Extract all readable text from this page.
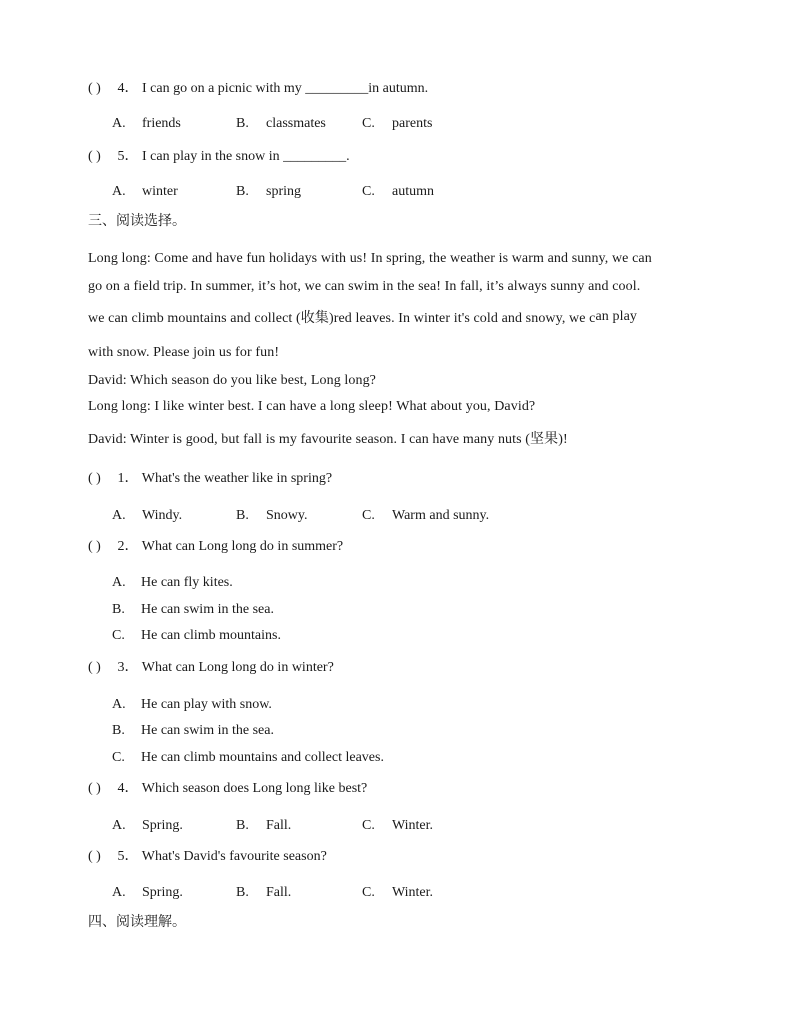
( ) 4． I can go on a picnic with my _________in autumn.
A. friends	B. classmates	C. parents
( ) 5． I can play in the snow in _________.
A. winter	B. spring	C. autumn
三、阅读选择。
Long long: Come and have fun holidays with us! In spring, the weather is warm and sunny, we can
go on a field trip. In summer, it’s hot, we can swim in the sea! In fall, it’s always sunny and cool.
we can climb mountains and collect (收集)red leaves. In winter it's cold and snowy, we can play
with snow. Please join us for fun!
David: Which season do you like best, Long long?
Long long: I like winter best. I can have a long sleep! What about you, David?
David: Winter is good, but fall is my favourite season. I can have many nuts (坚果)!
( ) 1． What's the weather like in spring?
A. Windy.	B. Snowy.	C. Warm and sunny.
( ) 2． What can Long long do in summer?
A. He can fly kites.
B. He can swim in the sea.
C. He can climb mountains.
( ) 3． What can Long long do in winter?
A. He can play with snow.
B. He can swim in the sea.
C. He can climb mountains and collect leaves.
( ) 4． Which season does Long long like best?
A. Spring.	B. Fall.	C. Winter.
( ) 5． What's David's favourite season?
A. Spring.	B. Fall.	C. Winter.
四、阅读理解。
